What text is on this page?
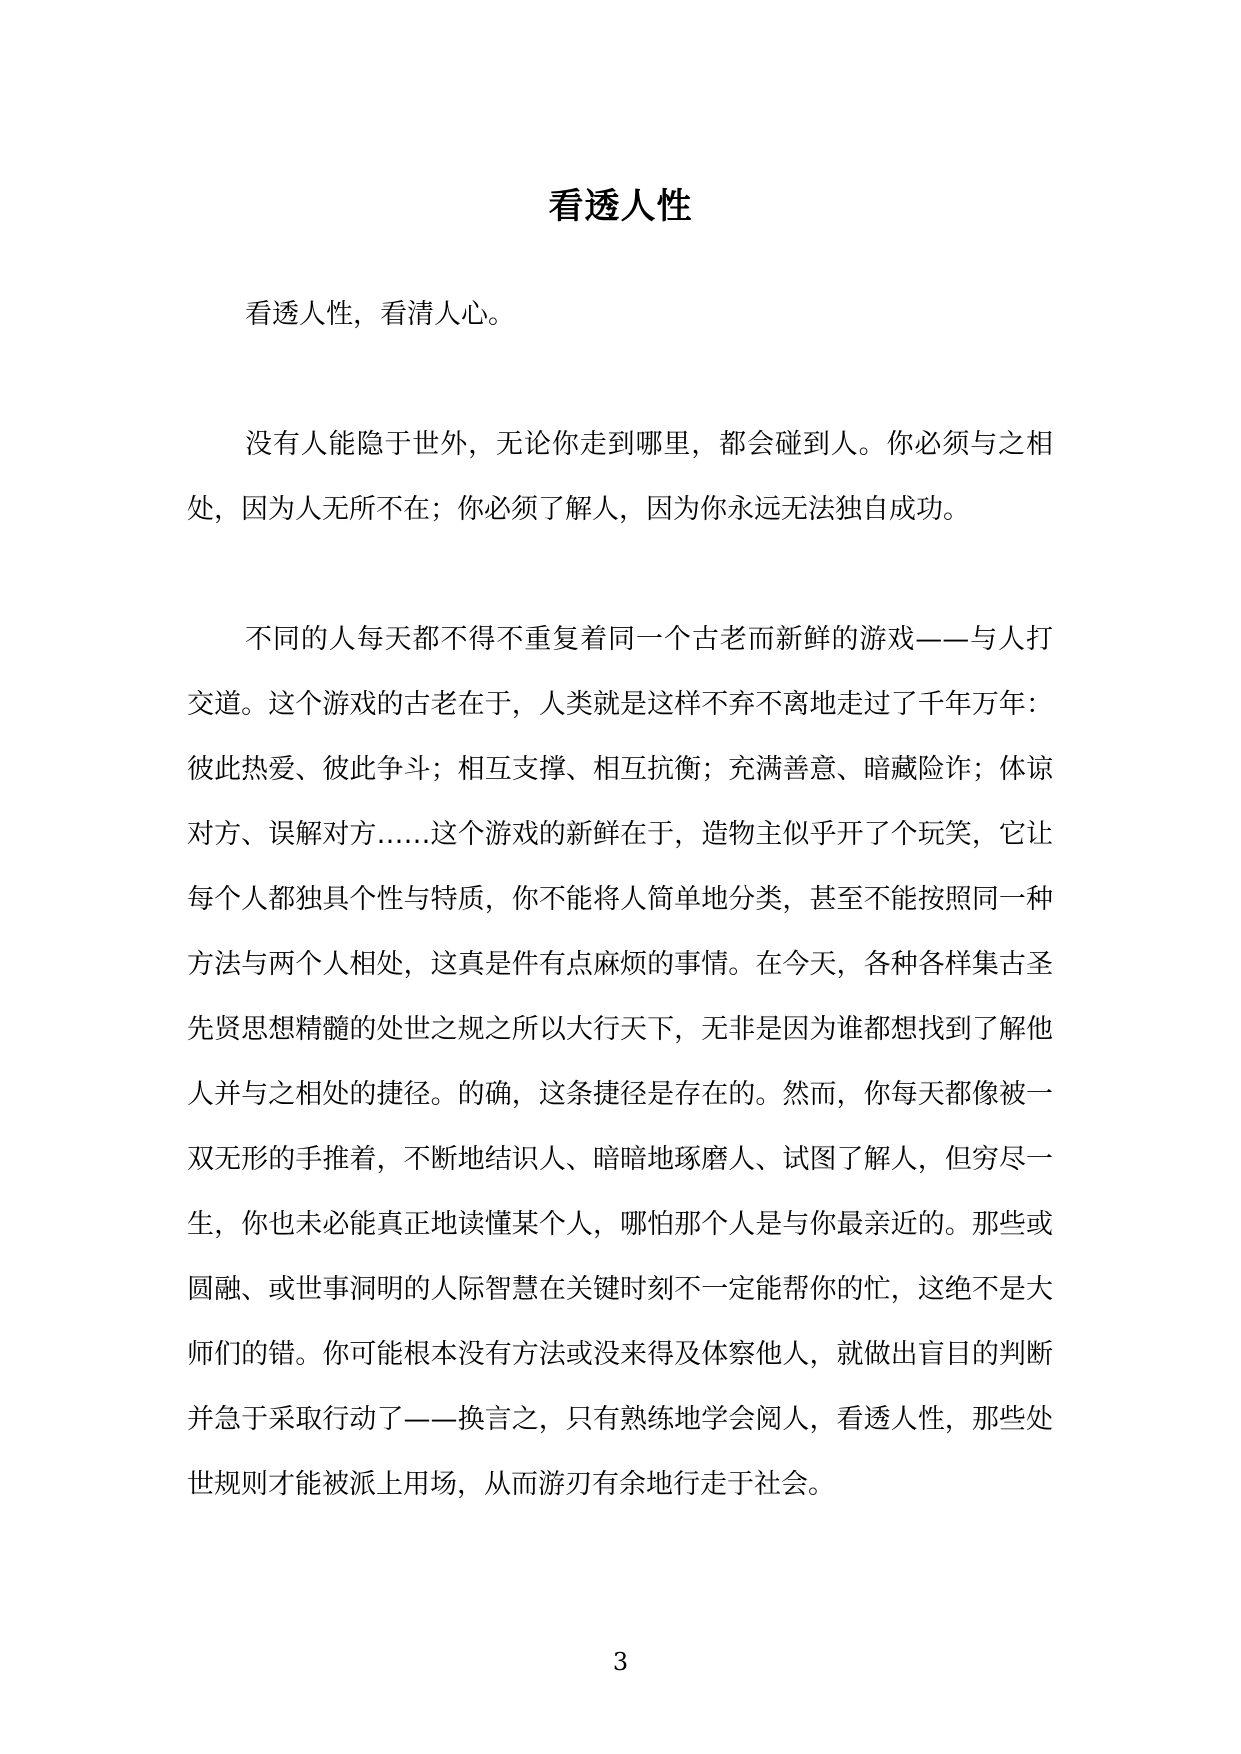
看透人性

看透人性，看清人心。

没有人能隐于世外，无论你走到哪里，都会碰到人。你必须与之相处，因为人无所不在；你必须了解人，因为你永远无法独自成功。

不同的人每天都不得不重复着同一个古老而新鲜的游戏——与人打交道。这个游戏的古老在于，人类就是这样不弃不离地走过了千年万年：彼此热爱、彼此争斗；相互支撑、相互抗衡；充满善意、暗藏险诈；体谅对方、误解对方……这个游戏的新鲜在于，造物主似乎开了个玩笑，它让每个人都独具个性与特质，你不能将人简单地分类，甚至不能按照同一种方法与两个人相处，这真是件有点麻烦的事情。在今天，各种各样集古圣先贤思想精髓的处世之规之所以大行天下，无非是因为谁都想找到了解他人并与之相处的捷径。的确，这条捷径是存在的。然而，你每天都像被一双无形的手推着，不断地结识人、暗暗地琢磨人、试图了解人，但穷尽一生，你也未必能真正地读懂某个人，哪怕那个人是与你最亲近的。那些或圆融、或世事洞明的人际智慧在关键时刻不一定能帮你的忙，这绝不是大师们的错。你可能根本没有方法或没来得及体察他人，就做出盲目的判断并急于采取行动了——换言之，只有熟练地学会阅人，看透人性，那些处世规则才能被派上用场，从而游刃有余地行走于社会。

3
